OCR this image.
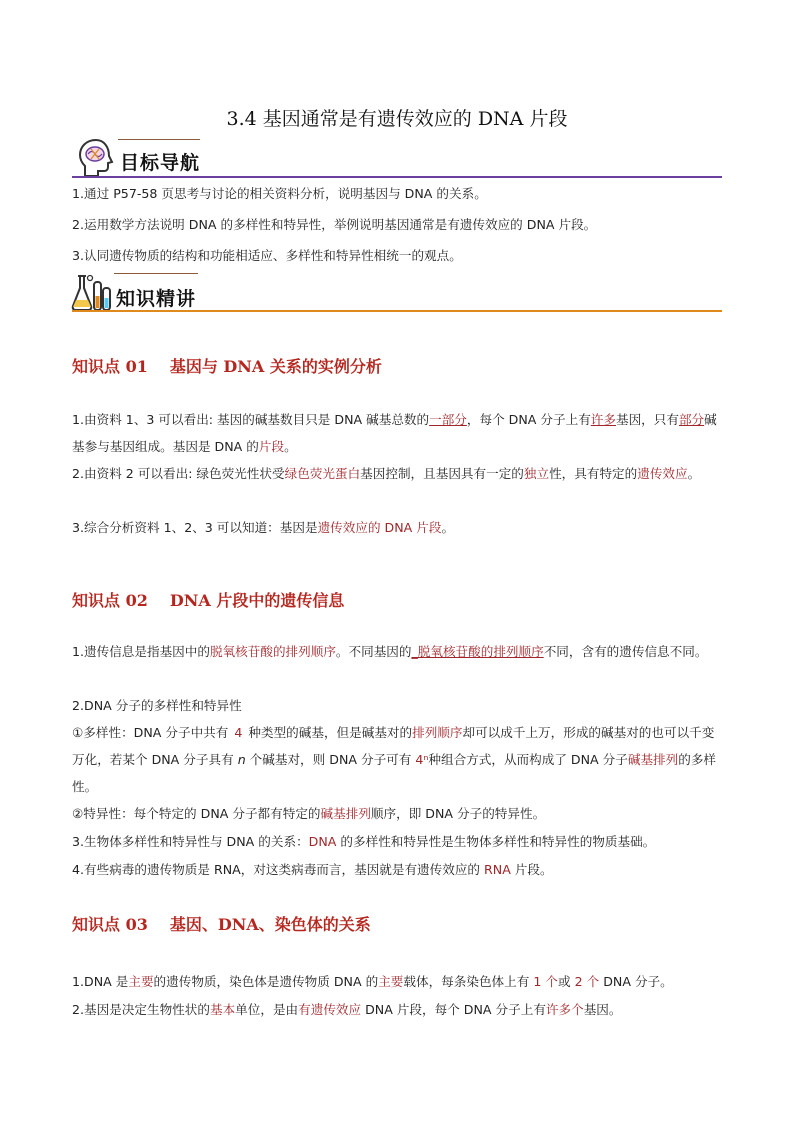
3.4 基因通常是有遗传效应的 DNA 片段
目标导航
1.通过 P57-58 页思考与讨论的相关资料分析，说明基因与 DNA 的关系。
2.运用数学方法说明 DNA 的多样性和特异性，举例说明基因通常是有遗传效应的 DNA 片段。
3.认同遗传物质的结构和功能相适应、多样性和特异性相统一的观点。
知识精讲
知识点 01 基因与 DNA 关系的实例分析
1.由资料 1、3 可以看出: 基因的碱基数目只是 DNA 碱基总数的一部分，每个 DNA 分子上有许多基因，只有部分碱基参与基因组成。基因是 DNA 的片段。
2.由资料 2 可以看出: 绿色荧光性状受绿色荧光蛋白基因控制，且基因具有一定的独立性，具有特定的遗传效应。
3.综合分析资料 1、2、3 可以知道：基因是遗传效应的 DNA 片段。
知识点 02 DNA 片段中的遗传信息
1.遗传信息是指基因中的脱氧核苷酸的排列顺序。不同基因的_脱氧核苷酸的排列顺序不同，含有的遗传信息不同。
2.DNA 分子的多样性和特异性
①多样性：DNA 分子中共有 4 种类型的碱基，但是碱基对的排列顺序却可以成千上万，形成的碱基对的也可以千变万化，若某个 DNA 分子具有 n 个碱基对，则 DNA 分子可有 4ⁿ种组合方式，从而构成了 DNA 分子碱基排列的多样性。
②特异性：每个特定的 DNA 分子都有特定的碱基排列顺序，即 DNA 分子的特异性。
3.生物体多样性和特异性与 DNA 的关系：DNA 的多样性和特异性是生物体多样性和特异性的物质基础。
4.有些病毒的遗传物质是 RNA，对这类病毒而言，基因就是有遗传效应的 RNA 片段。
知识点 03 基因、DNA、染色体的关系
1.DNA 是主要的遗传物质，染色体是遗传物质 DNA 的主要载体，每条染色体上有 1 个或 2 个 DNA 分子。
2.基因是决定生物性状的基本单位，是由有遗传效应 DNA 片段，每个 DNA 分子上有许多个基因。
